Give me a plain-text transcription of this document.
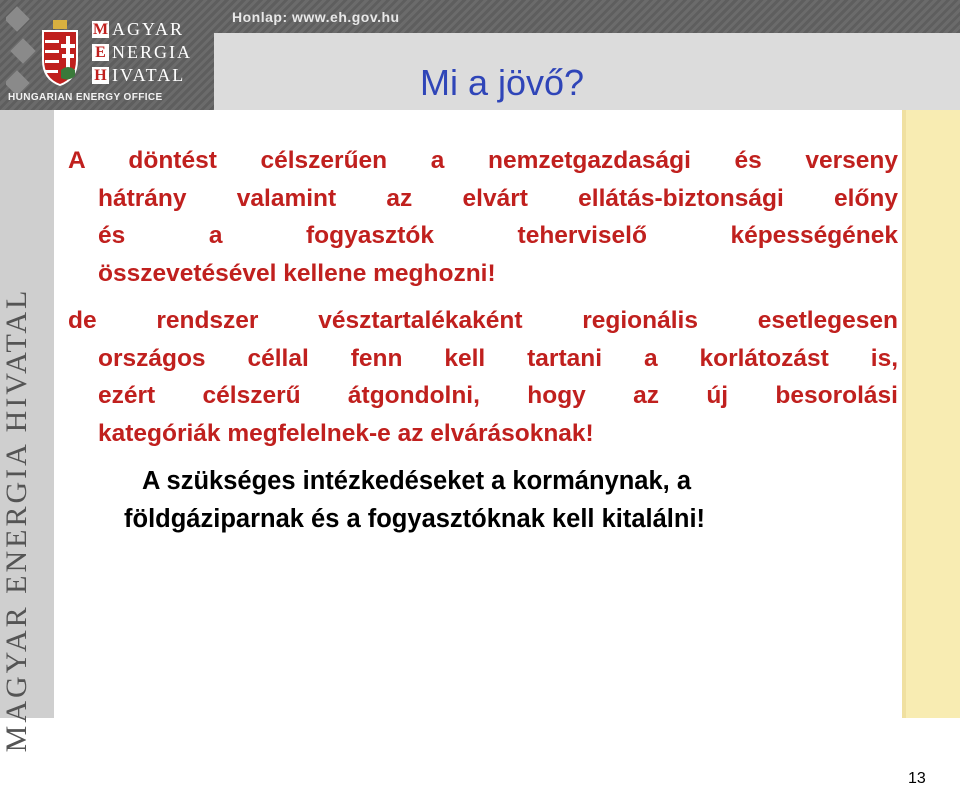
Honlap: www.eh.gov.hu
Mi a jövő?
M AGYAR
E NERGIA
H IVATAL
HUNGARIAN ENERGY OFFICE
MAGYAR ENERGIA HIVATAL
A döntést célszerűen a nemzetgazdasági és verseny
hátrány valamint az elvárt ellátás-biztonsági előny
és a fogyasztók teherviselő képességének
összevetésével kellene meghozni!
de rendszer vésztartalékaként regionális esetlegesen
országos céllal fenn kell tartani a korlátozást is,
ezért célszerű átgondolni, hogy az új besorolási
kategóriák megfelelnek-e az elvárásoknak!
A szükséges intézkedéseket a kormánynak, a
földgáziparnak és a fogyasztóknak kell kitalálni!
13
